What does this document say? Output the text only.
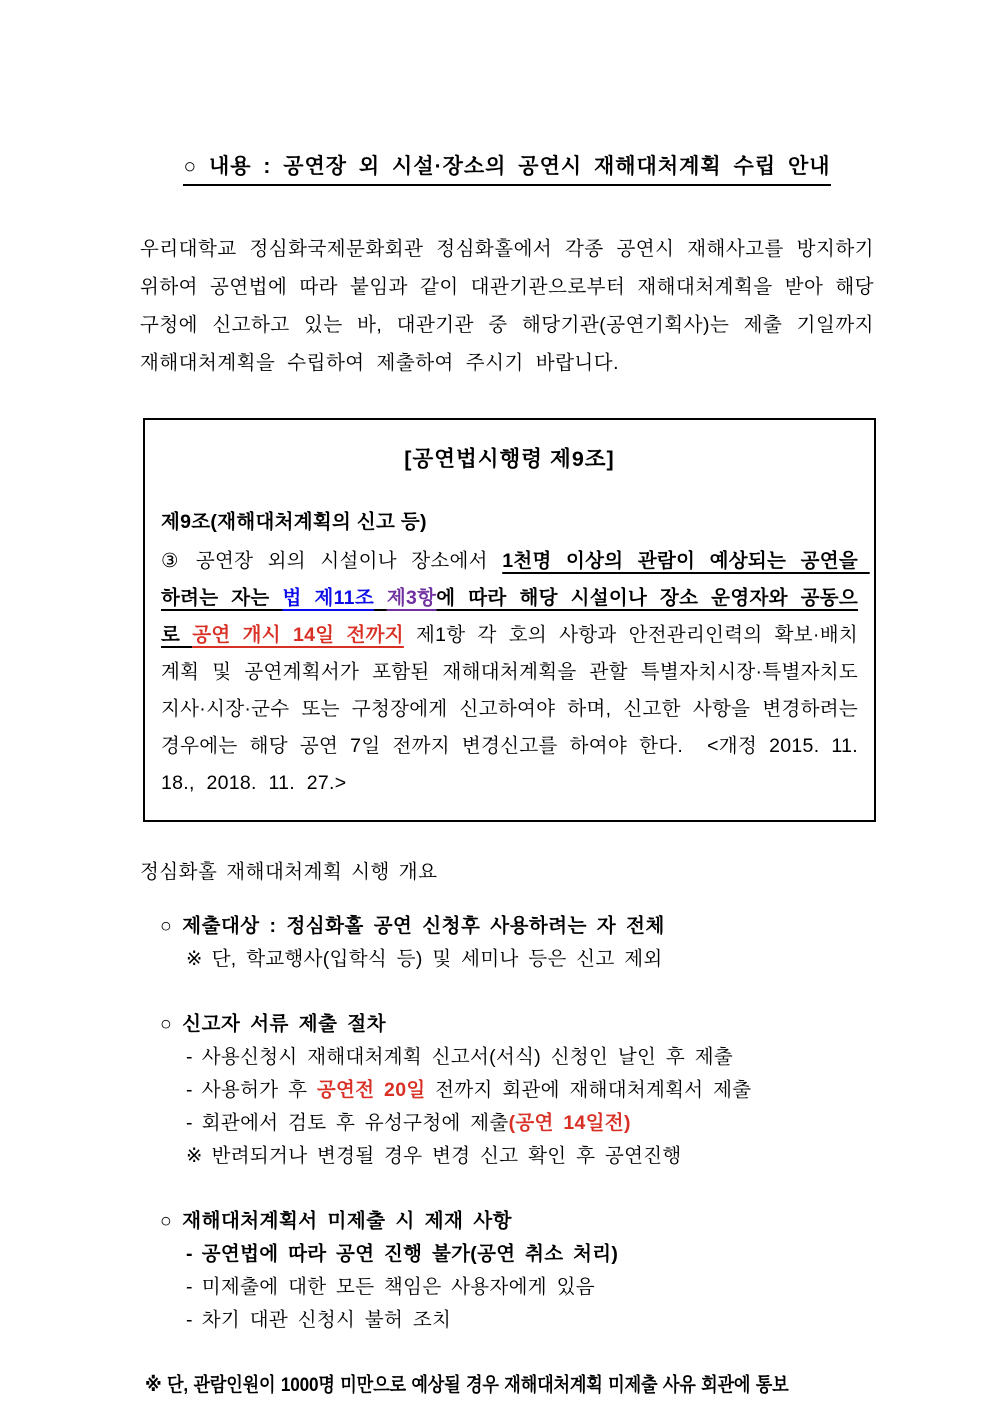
○ 내용 : 공연장 외 시설·장소의 공연시 재해대처계획 수립 안내
우리대학교 정심화국제문화회관 정심화홀에서 각종 공연시 재해사고를 방지하기 위하여 공연법에 따라 붙임과 같이 대관기관으로부터 재해대처계획을 받아 해당 구청에 신고하고 있는 바, 대관기관 중 해당기관(공연기획사)는 제출 기일까지 재해대처계획을 수립하여 제출하여 주시기 바랍니다.
[공연법시행령 제9조]
제9조(재해대처계획의 신고 등)
③ 공연장 외의 시설이나 장소에서 1천명 이상의 관람이 예상되는 공연을 하려는 자는 법 제11조 제3항에 따라 해당 시설이나 장소 운영자와 공동으로 공연 개시 14일 전까지 제1항 각 호의 사항과 안전관리인력의 확보·배치계획 및 공연계획서가 포함된 재해대처계획을 관할 특별자치시장·특별자치도지사·시장·군수 또는 구청장에게 신고하여야 하며, 신고한 사항을 변경하려는 경우에는 해당 공연 7일 전까지 변경신고를 하여야 한다.  <개정 2015. 11. 18., 2018. 11. 27.>
정심화홀 재해대처계획 시행 개요
○ 제출대상 : 정심화홀 공연 신청후 사용하려는 자 전체
※ 단, 학교행사(입학식 등) 및 세미나 등은 신고 제외
○ 신고자 서류 제출 절차
- 사용신청시 재해대처계획 신고서(서식) 신청인 날인 후 제출
- 사용허가 후 공연전 20일 전까지 회관에 재해대처계획서 제출
- 회관에서 검토 후 유성구청에 제출(공연 14일전)
※ 반려되거나 변경될 경우 변경 신고 확인 후 공연진행
○ 재해대처계획서 미제출 시 제재 사항
- 공연법에 따라 공연 진행 불가(공연 취소 처리)
- 미제출에 대한 모든 책임은 사용자에게 있음
- 차기 대관 신청시 불허 조치
※ 단, 관람인원이 1000명 미만으로 예상될 경우 재해대처계획 미제출 사유 회관에 통보
